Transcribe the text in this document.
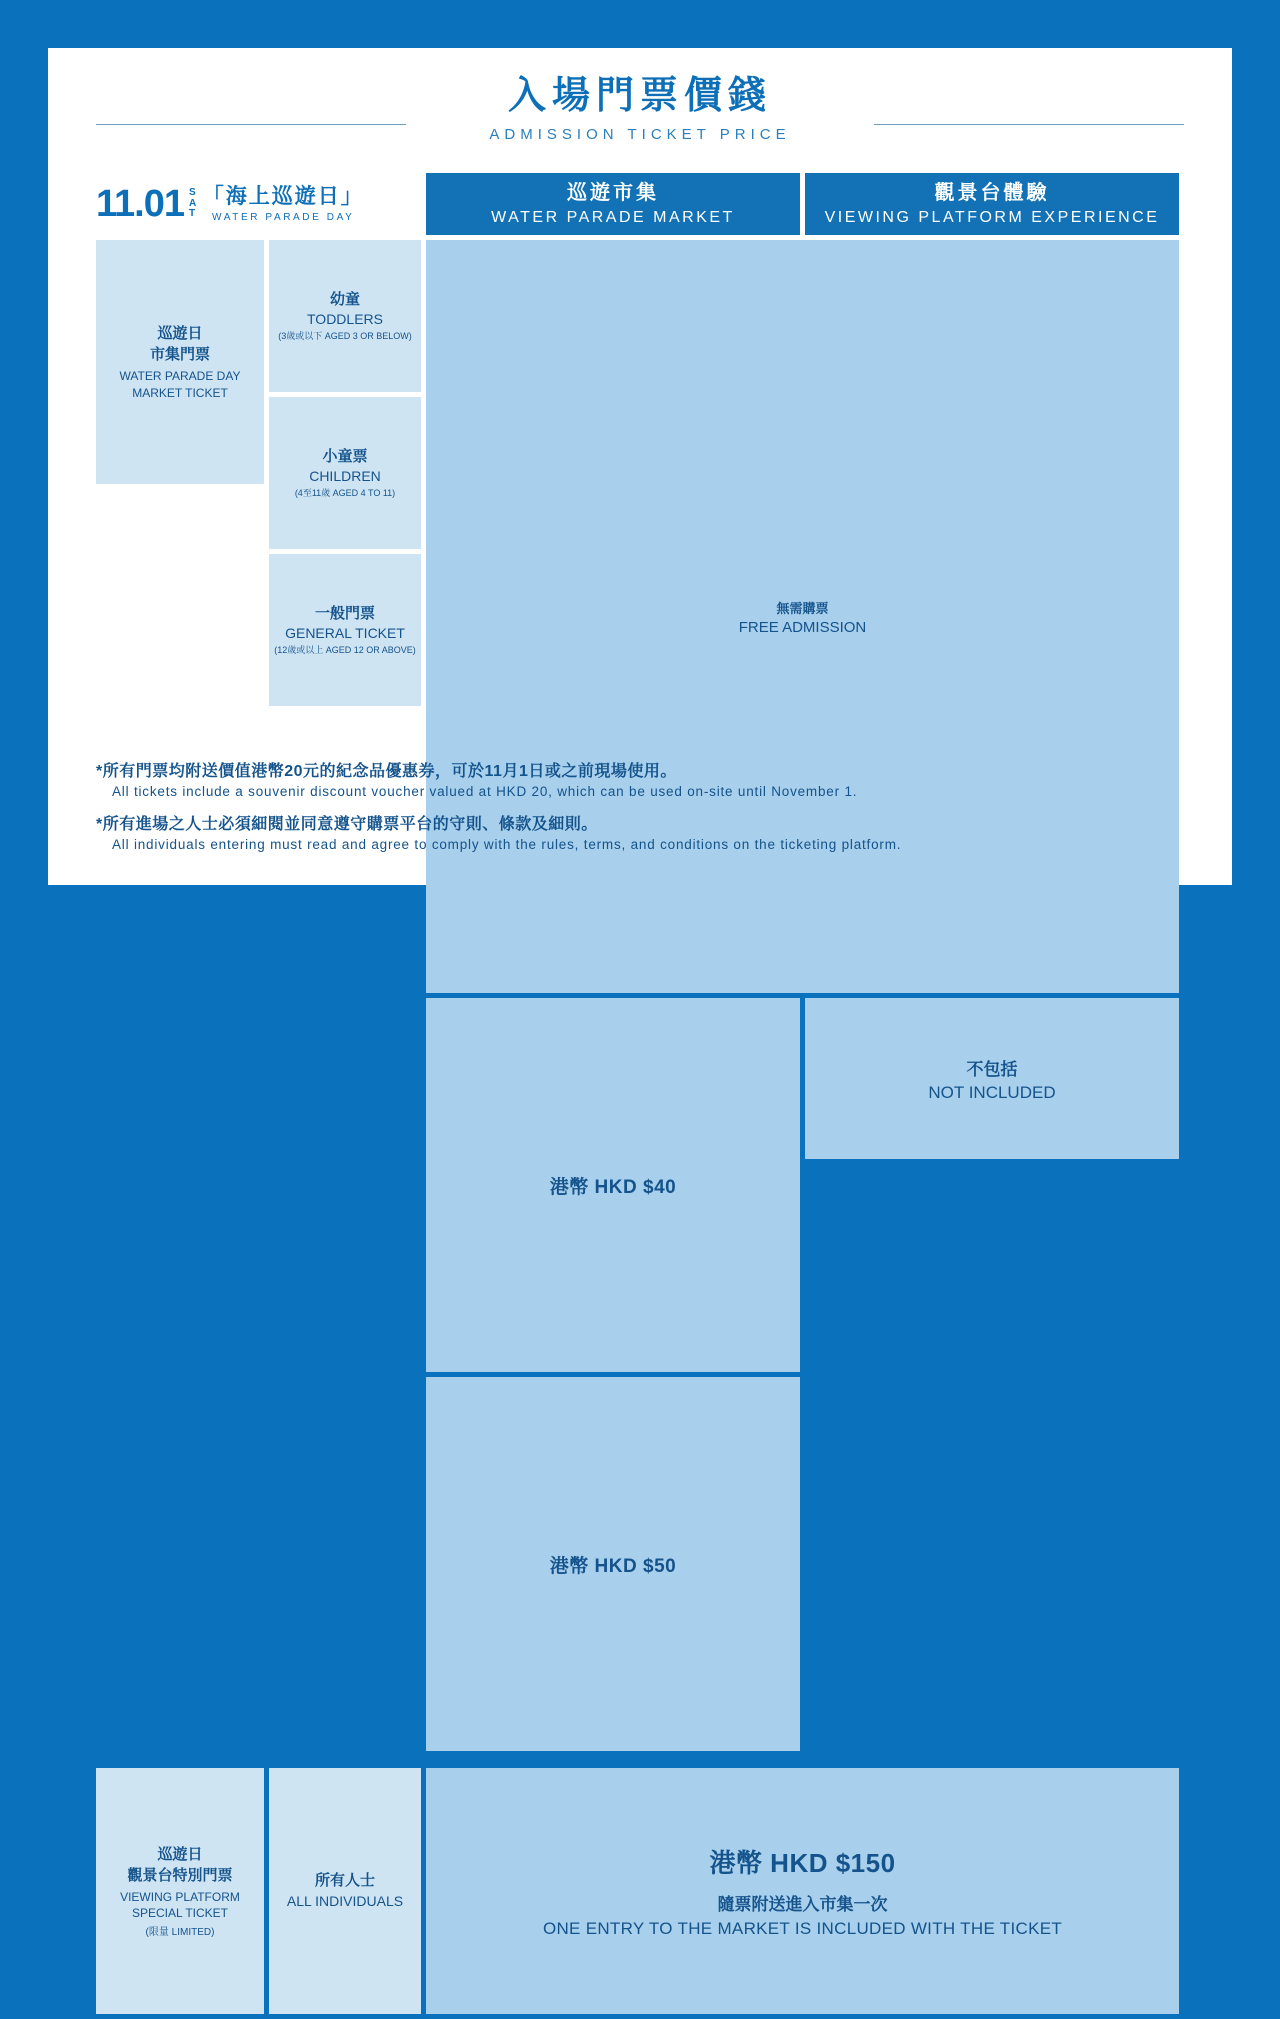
入場門票價錢
ADMISSION TICKET PRICE
11.01 S
A
T
「海上巡遊日」
WATER PARADE DAY
巡遊市集
WATER PARADE MARKET
觀景台體驗
VIEWING PLATFORM EXPERIENCE
巡遊日
市集門票
WATER PARADE DAY
MARKET TICKET
幼童
TODDLERS
(3歲或以下 AGED 3 OR BELOW)
小童票
CHILDREN
(4至11歲 AGED 4 TO 11)
一般門票
GENERAL TICKET
(12歲或以上 AGED 12 OR ABOVE)
無需購票
FREE ADMISSION
港幣 HKD $40
港幣 HKD $50
不包括
NOT INCLUDED
巡遊日
觀景台特別門票
VIEWING PLATFORM
SPECIAL TICKET
(限量 LIMITED)
所有人士
ALL INDIVIDUALS
港幣 HKD $150
隨票附送進入市集一次
ONE ENTRY TO THE MARKET IS INCLUDED WITH THE TICKET
*所有門票均附送價值港幣20元的紀念品優惠券，可於11月1日或之前現場使用。
All tickets include a souvenir discount voucher valued at HKD 20, which can be used on-site until November 1.
*所有進場之人士必須細閱並同意遵守購票平台的守則、條款及細則。
All individuals entering must read and agree to comply with the rules, terms, and conditions on the ticketing platform.
